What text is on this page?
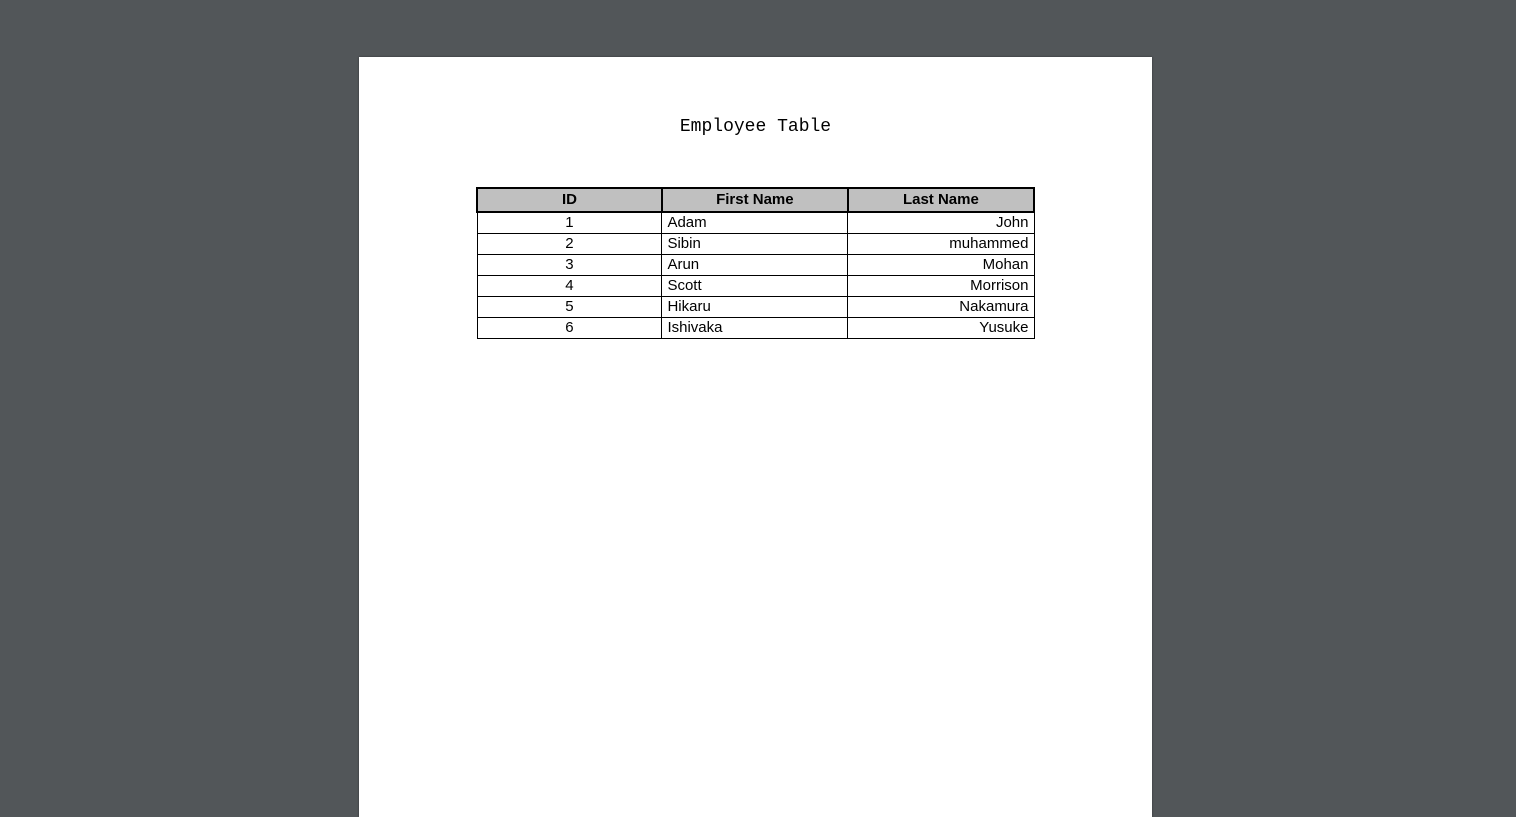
Employee Table
ID	First Name	Last Name
1	Adam	John
2	Sibin	muhammed
3	Arun	Mohan
4	Scott	Morrison
5	Hikaru	Nakamura
6	Ishivaka	Yusuke
